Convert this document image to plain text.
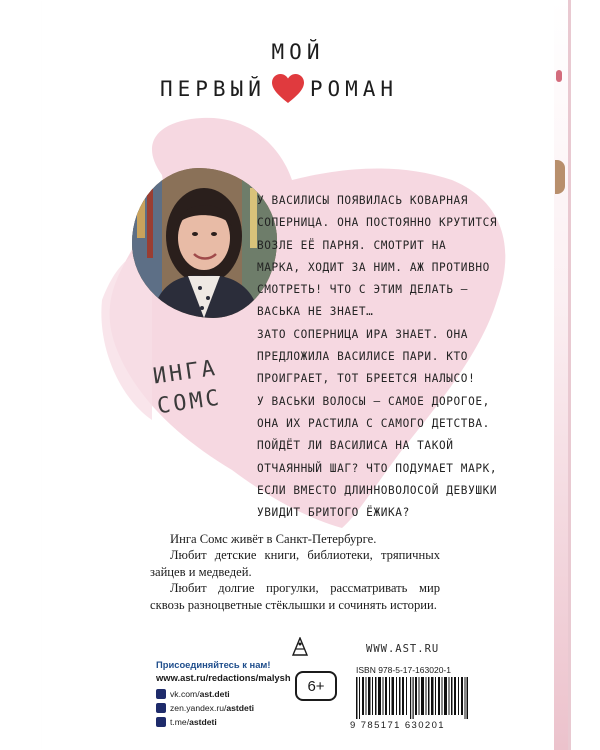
МОЙ
ПЕРВЫЙ РОМАН
ИНГА
СОМС

У ВАСИЛИСЫ ПОЯВИЛАСЬ КОВАРНАЯ

СОПЕРНИЦА. ОНА ПОСТОЯННО КРУТИТСЯ

ВОЗЛЕ ЕЁ ПАРНЯ. СМОТРИТ НА

МАРКА, ХОДИТ ЗА НИМ. АЖ ПРОТИВНО

СМОТРЕТЬ! ЧТО С ЭТИМ ДЕЛАТЬ —

ВАСЬКА НЕ ЗНАЕТ…

ЗАТО СОПЕРНИЦА ИРА ЗНАЕТ. ОНА

ПРЕДЛОЖИЛА ВАСИЛИСЕ ПАРИ. КТО

ПРОИГРАЕТ, ТОТ БРЕЕТСЯ НАЛЫСО!

У ВАСЬКИ ВОЛОСЫ — САМОЕ ДОРОГОЕ,

ОНА ИХ РАСТИЛА С САМОГО ДЕТСТВА.

ПОЙДЁТ ЛИ ВАСИЛИСА НА ТАКОЙ

ОТЧАЯННЫЙ ШАГ? ЧТО ПОДУМАЕТ МАРК,

ЕСЛИ ВМЕСТО ДЛИННОВОЛОСОЙ ДЕВУШКИ

УВИДИТ БРИТОГО ЁЖИКА?

Инга Сомс живёт в Санкт-Петербурге.

Любит детские книги, библиотеки, тряпичных зайцев и медведей.

Любит долгие прогулки, рассматривать мир сквозь разноцветные стёклышки и сочинять истории.

Присоединяйтесь к нам!
www.ast.ru/redactions/malysh
vk.com/ast.deti
zen.yandex.ru/astdeti
t.me/astdeti
6+
WWW.AST.RU
ISBN 978-5-17-163020-1
9 785171 630201
